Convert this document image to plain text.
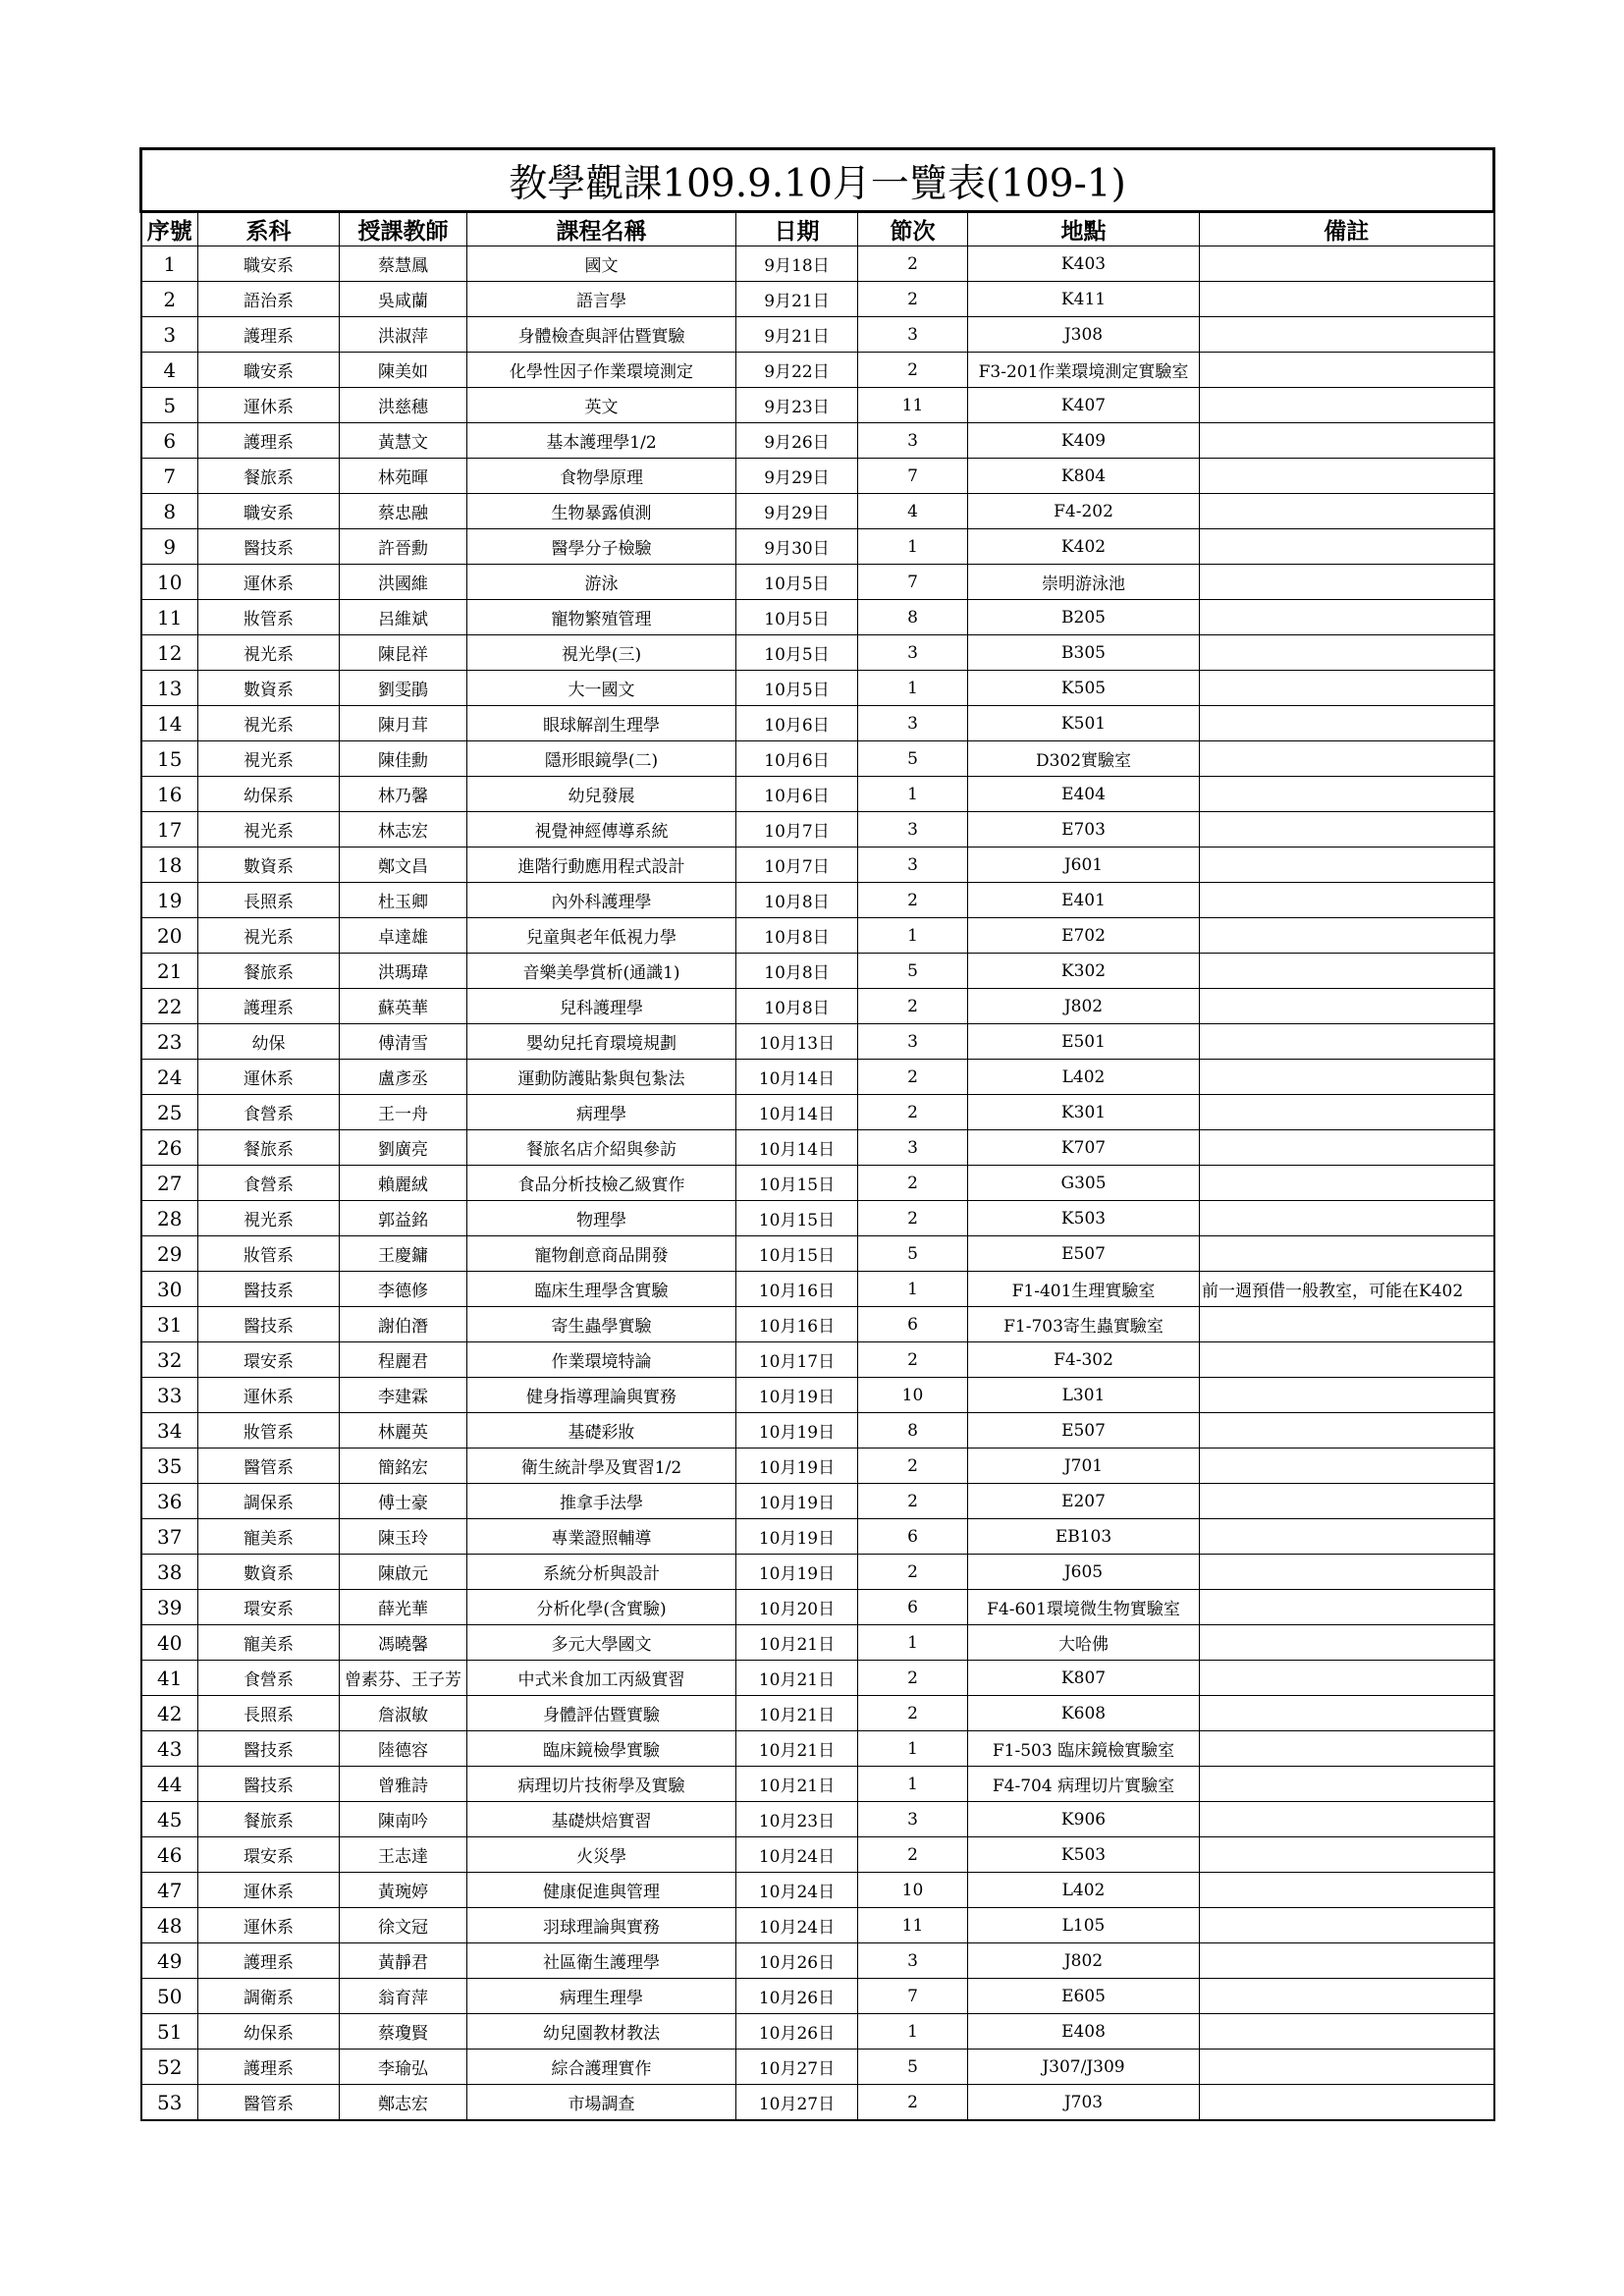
教學觀課109.9.10月一覽表(109-1)							
序號	系科	授課教師	課程名稱	日期	節次	地點	備註
1	職安系	蔡慧鳳	國文	9月18日	2	K403	
2	語治系	吳咸蘭	語言學	9月21日	2	K411	
3	護理系	洪淑萍	身體檢查與評估暨實驗	9月21日	3	J308	
4	職安系	陳美如	化學性因子作業環境測定	9月22日	2	F3-201作業環境測定實驗室	
5	運休系	洪慈穗	英文	9月23日	11	K407	
6	護理系	黃慧文	基本護理學1/2	9月26日	3	K409	
7	餐旅系	林苑暉	食物學原理	9月29日	7	K804	
8	職安系	蔡忠融	生物暴露偵測	9月29日	4	F4-202	
9	醫技系	許晉勳	醫學分子檢驗	9月30日	1	K402	
10	運休系	洪國維	游泳	10月5日	7	崇明游泳池	
11	妝管系	呂維斌	寵物繁殖管理	10月5日	8	B205	
12	視光系	陳昆祥	視光學(三)	10月5日	3	B305	
13	數資系	劉雯鵑	大一國文	10月5日	1	K505	
14	視光系	陳月茸	眼球解剖生理學	10月6日	3	K501	
15	視光系	陳佳勳	隱形眼鏡學(二)	10月6日	5	D302實驗室	
16	幼保系	林乃馨	幼兒發展	10月6日	1	E404	
17	視光系	林志宏	視覺神經傳導系統	10月7日	3	E703	
18	數資系	鄭文昌	進階行動應用程式設計	10月7日	3	J601	
19	長照系	杜玉卿	內外科護理學	10月8日	2	E401	
20	視光系	卓達雄	兒童與老年低視力學	10月8日	1	E702	
21	餐旅系	洪瑪瑋	音樂美學賞析(通識1)	10月8日	5	K302	
22	護理系	蘇英華	兒科護理學	10月8日	2	J802	
23	幼保	傅清雪	嬰幼兒托育環境規劃	10月13日	3	E501	
24	運休系	盧彥丞	運動防護貼紮與包紮法	10月14日	2	L402	
25	食營系	王一舟	病理學	10月14日	2	K301	
26	餐旅系	劉廣亮	餐旅名店介紹與參訪	10月14日	3	K707	
27	食營系	賴麗絨	食品分析技檢乙級實作	10月15日	2	G305	
28	視光系	郭益銘	物理學	10月15日	2	K503	
29	妝管系	王慶鏞	寵物創意商品開發	10月15日	5	E507	
30	醫技系	李德修	臨床生理學含實驗	10月16日	1	F1-401生理實驗室	前一週預借一般教室，可能在K402
31	醫技系	謝伯潛	寄生蟲學實驗	10月16日	6	F1-703寄生蟲實驗室	
32	環安系	程麗君	作業環境特論	10月17日	2	F4-302	
33	運休系	李建霖	健身指導理論與實務	10月19日	10	L301	
34	妝管系	林麗英	基礎彩妝	10月19日	8	E507	
35	醫管系	簡銘宏	衛生統計學及實習1/2	10月19日	2	J701	
36	調保系	傅士豪	推拿手法學	10月19日	2	E207	
37	寵美系	陳玉玲	專業證照輔導	10月19日	6	EB103	
38	數資系	陳啟元	系統分析與設計	10月19日	2	J605	
39	環安系	薛光華	分析化學(含實驗)	10月20日	6	F4-601環境微生物實驗室	
40	寵美系	馮曉馨	多元大學國文	10月21日	1	大哈佛	
41	食營系	曾素芬、王子芳	中式米食加工丙級實習	10月21日	2	K807	
42	長照系	詹淑敏	身體評估暨實驗	10月21日	2	K608	
43	醫技系	陸德容	臨床鏡檢學實驗	10月21日	1	F1-503 臨床鏡檢實驗室	
44	醫技系	曾雅詩	病理切片技術學及實驗	10月21日	1	F4-704 病理切片實驗室	
45	餐旅系	陳南吟	基礎烘焙實習	10月23日	3	K906	
46	環安系	王志達	火災學	10月24日	2	K503	
47	運休系	黃琬婷	健康促進與管理	10月24日	10	L402	
48	運休系	徐文冠	羽球理論與實務	10月24日	11	L105	
49	護理系	黃靜君	社區衛生護理學	10月26日	3	J802	
50	調衛系	翁育萍	病理生理學	10月26日	7	E605	
51	幼保系	蔡瓊賢	幼兒園教材教法	10月26日	1	E408	
52	護理系	李瑜弘	綜合護理實作	10月27日	5	J307/J309	
53	醫管系	鄭志宏	市場調查	10月27日	2	J703	
